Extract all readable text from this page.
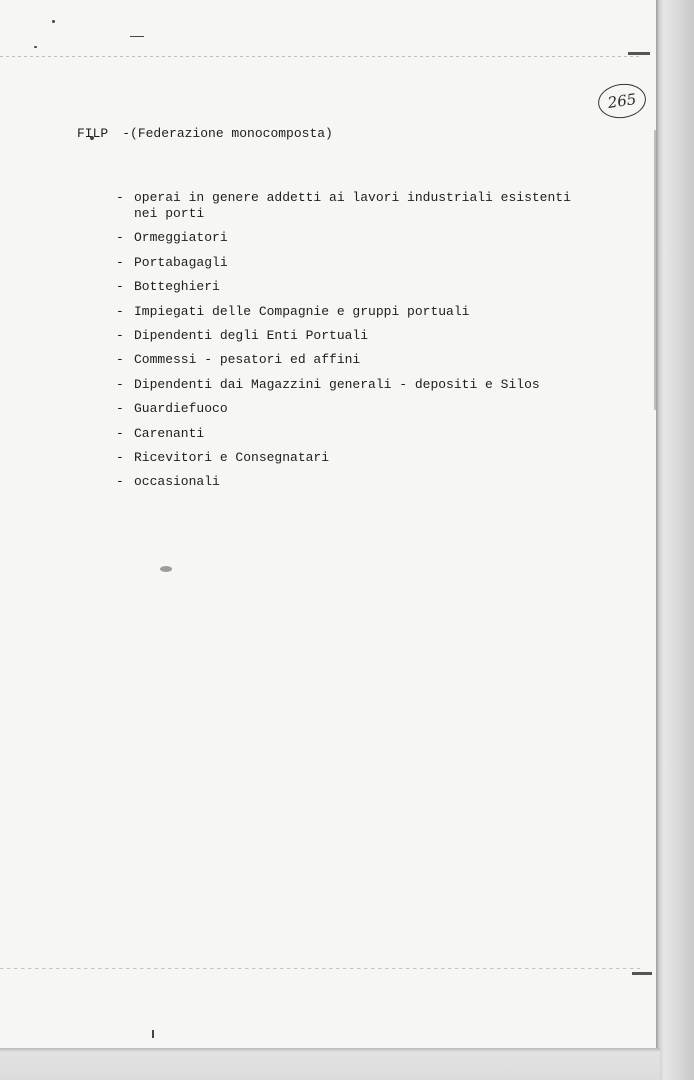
265
FILP -(Federazione monocomposta)
- operai in genere addetti ai lavori industriali esistenti
nei porti
- Ormeggiatori
- Portabagagli
- Botteghieri
- Impiegati delle Compagnie e gruppi portuali
- Dipendenti degli Enti Portuali
- Commessi - pesatori ed affini
- Dipendenti dai Magazzini generali - depositi e Silos
- Guardiefuoco
- Carenanti
- Ricevitori e Consegnatari
- occasionali
